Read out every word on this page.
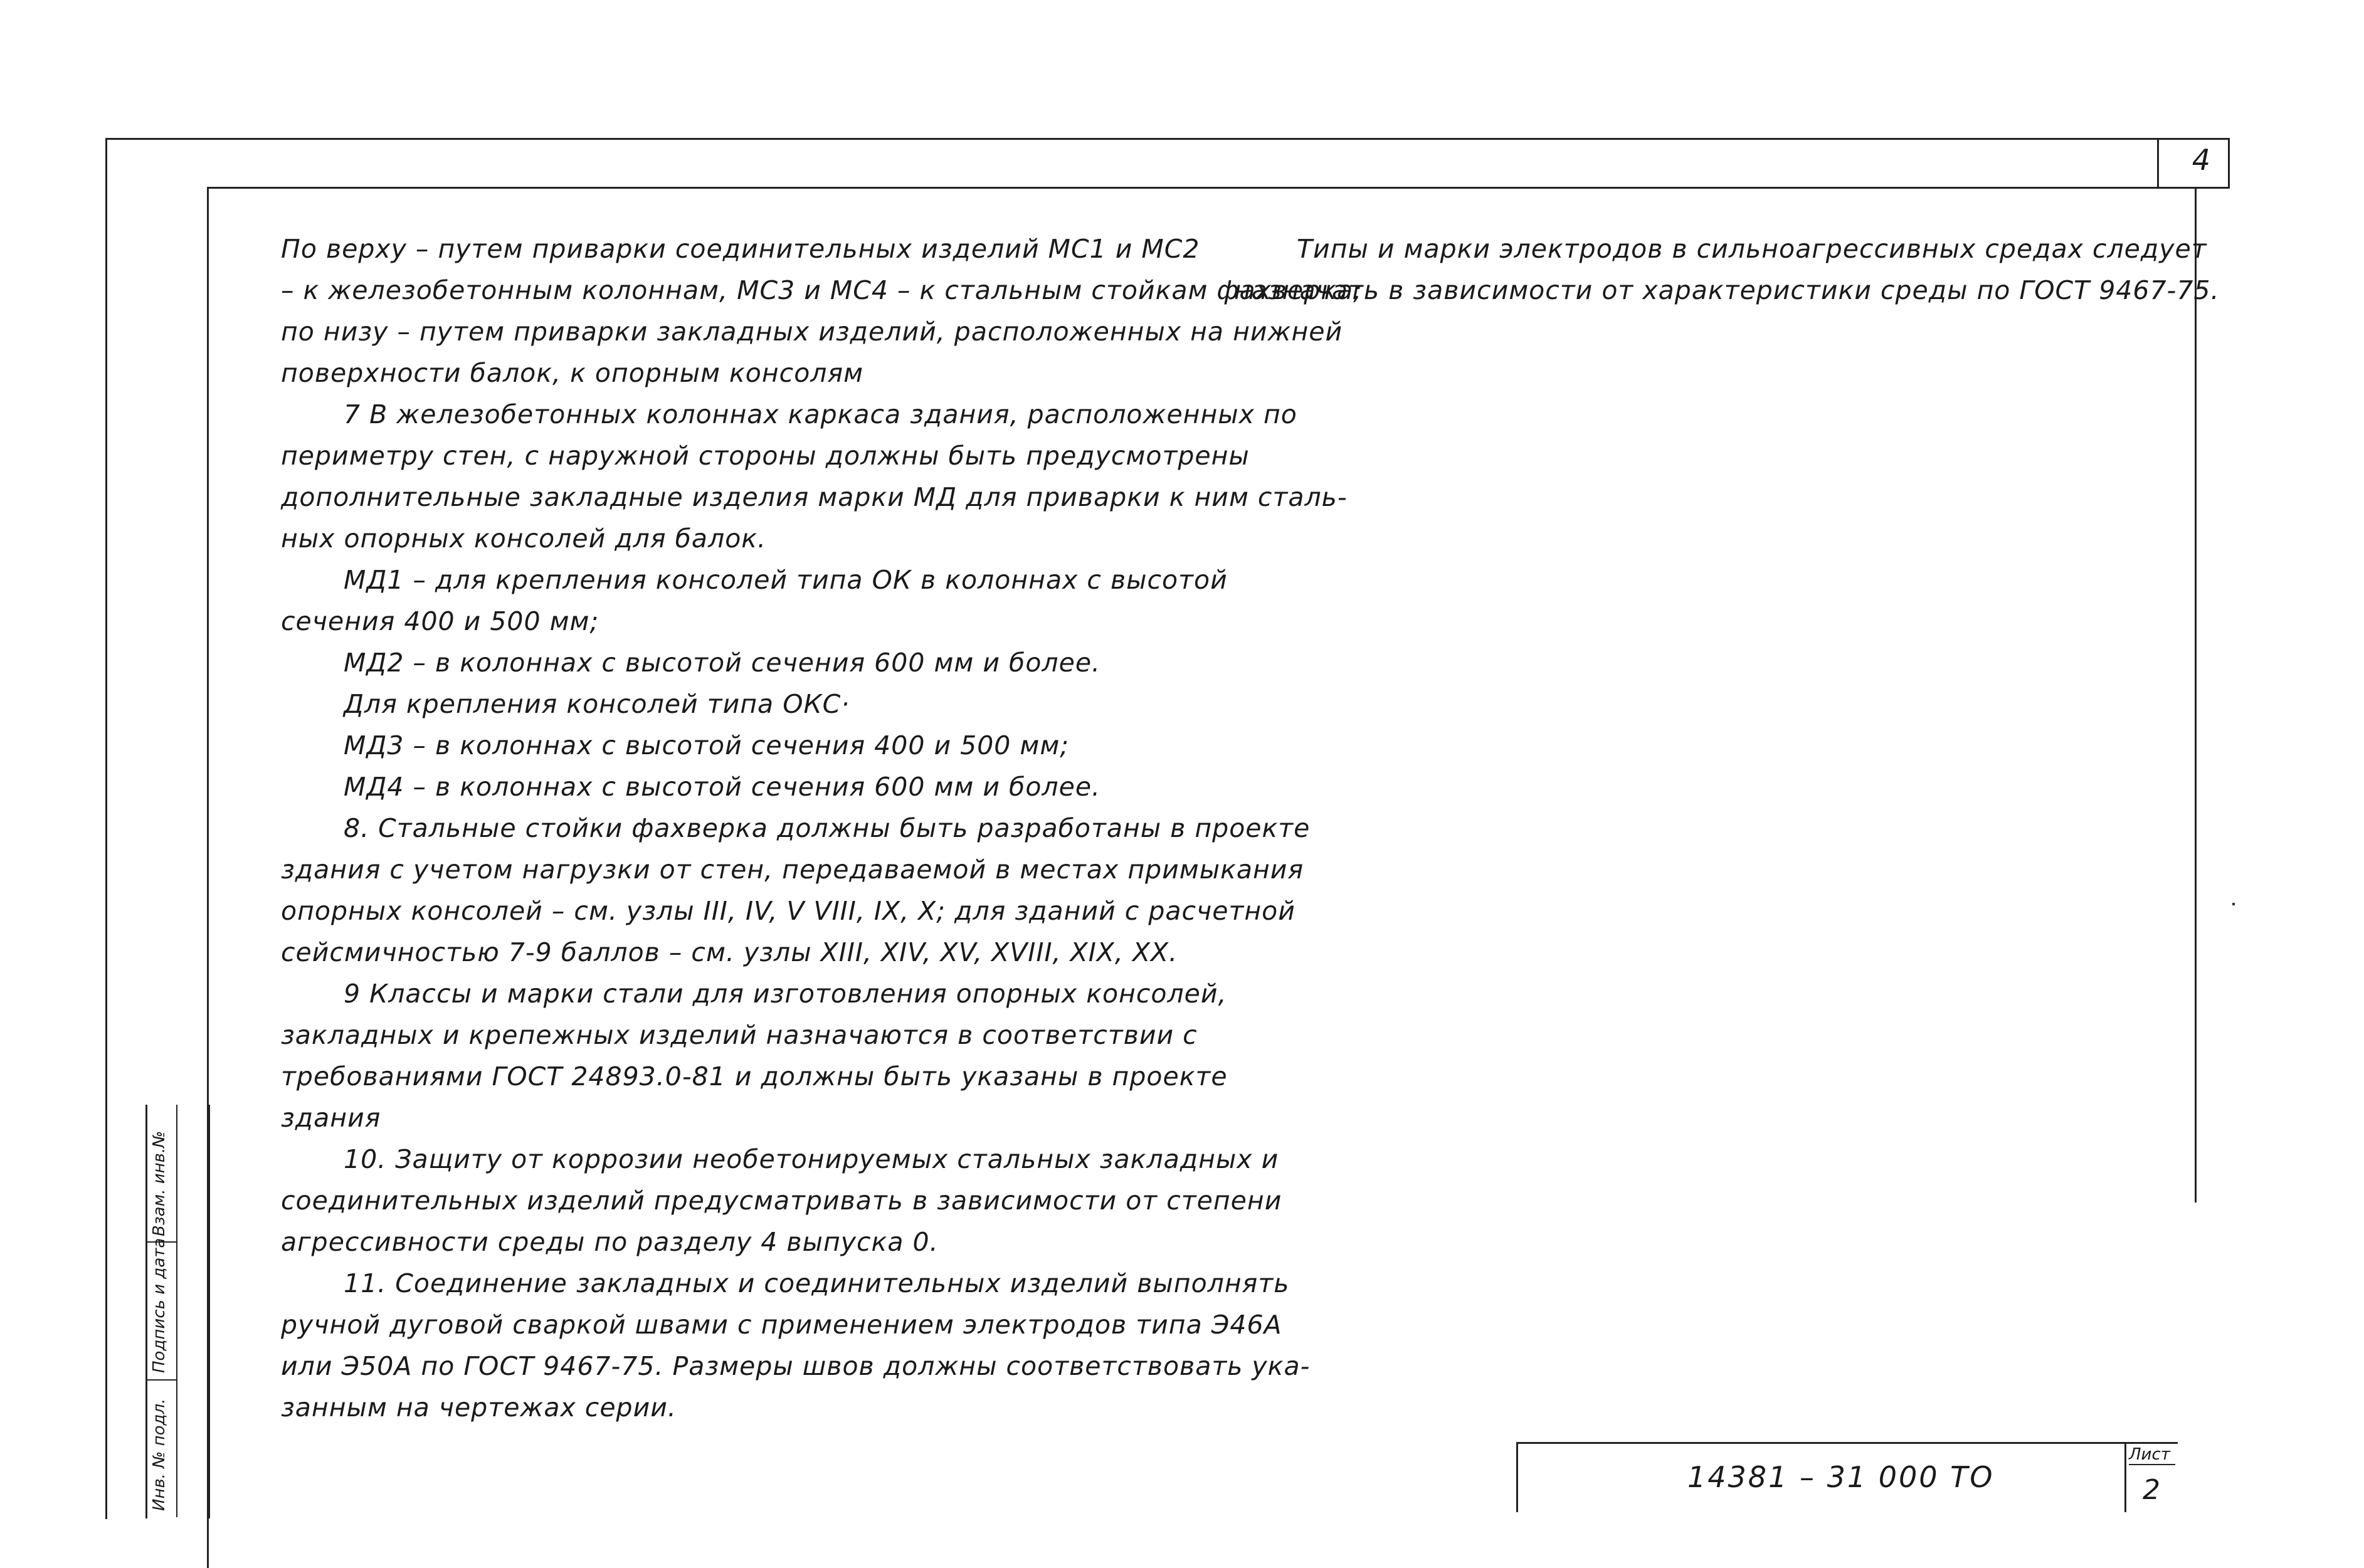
4

По верху – путем приварки соединительных изделий МС1 и МС2

– к железобетонным колоннам, МС3 и МС4 – к стальным стойкам фахверка;

по низу – путем приварки закладных изделий, расположенных на нижней

поверхности балок, к опорным консолям

7 В железобетонных колоннах каркаса здания, расположенных по

периметру стен, с наружной стороны должны быть предусмотрены

дополнительные закладные изделия марки МД для приварки к ним сталь-

ных опорных консолей для балок.

МД1 – для крепления консолей типа ОК в колоннах с высотой

сечения 400 и 500 мм;

МД2 – в колоннах с высотой сечения 600 мм и более.

Для крепления консолей типа ОКС·

МД3 – в колоннах с высотой сечения 400 и 500 мм;

МД4 – в колоннах с высотой сечения 600 мм и более.

8. Стальные стойки фахверка должны быть разработаны в проекте

здания с учетом нагрузки от стен, передаваемой в местах примыкания

опорных консолей – см. узлы III, IV, V VIII, IX, X; для зданий с расчетной

сейсмичностью 7-9 баллов – см. узлы XIII, XIV, XV, XVIII, XIX, XX.

9 Классы и марки стали для изготовления опорных консолей,

закладных и крепежных изделий назначаются в соответствии с

требованиями ГОСТ 24893.0-81 и должны быть указаны в проекте

здания

10. Защиту от коррозии необетонируемых стальных закладных и

соединительных изделий предусматривать в зависимости от степени

агрессивности среды по разделу 4 выпуска 0.

11. Соединение закладных и соединительных изделий выполнять

ручной дуговой сваркой швами с применением электродов типа Э46А

или Э50А по ГОСТ 9467-75. Размеры швов должны соответствовать ука-

занным на чертежах серии.

Типы и марки электродов в сильноагрессивных средах следует

назначать в зависимости от характеристики среды по ГОСТ 9467-75.

Взам. инв.№
Подпись и дата
Инв. № подл.	14381 – 31 000 ТО
Лист
2
